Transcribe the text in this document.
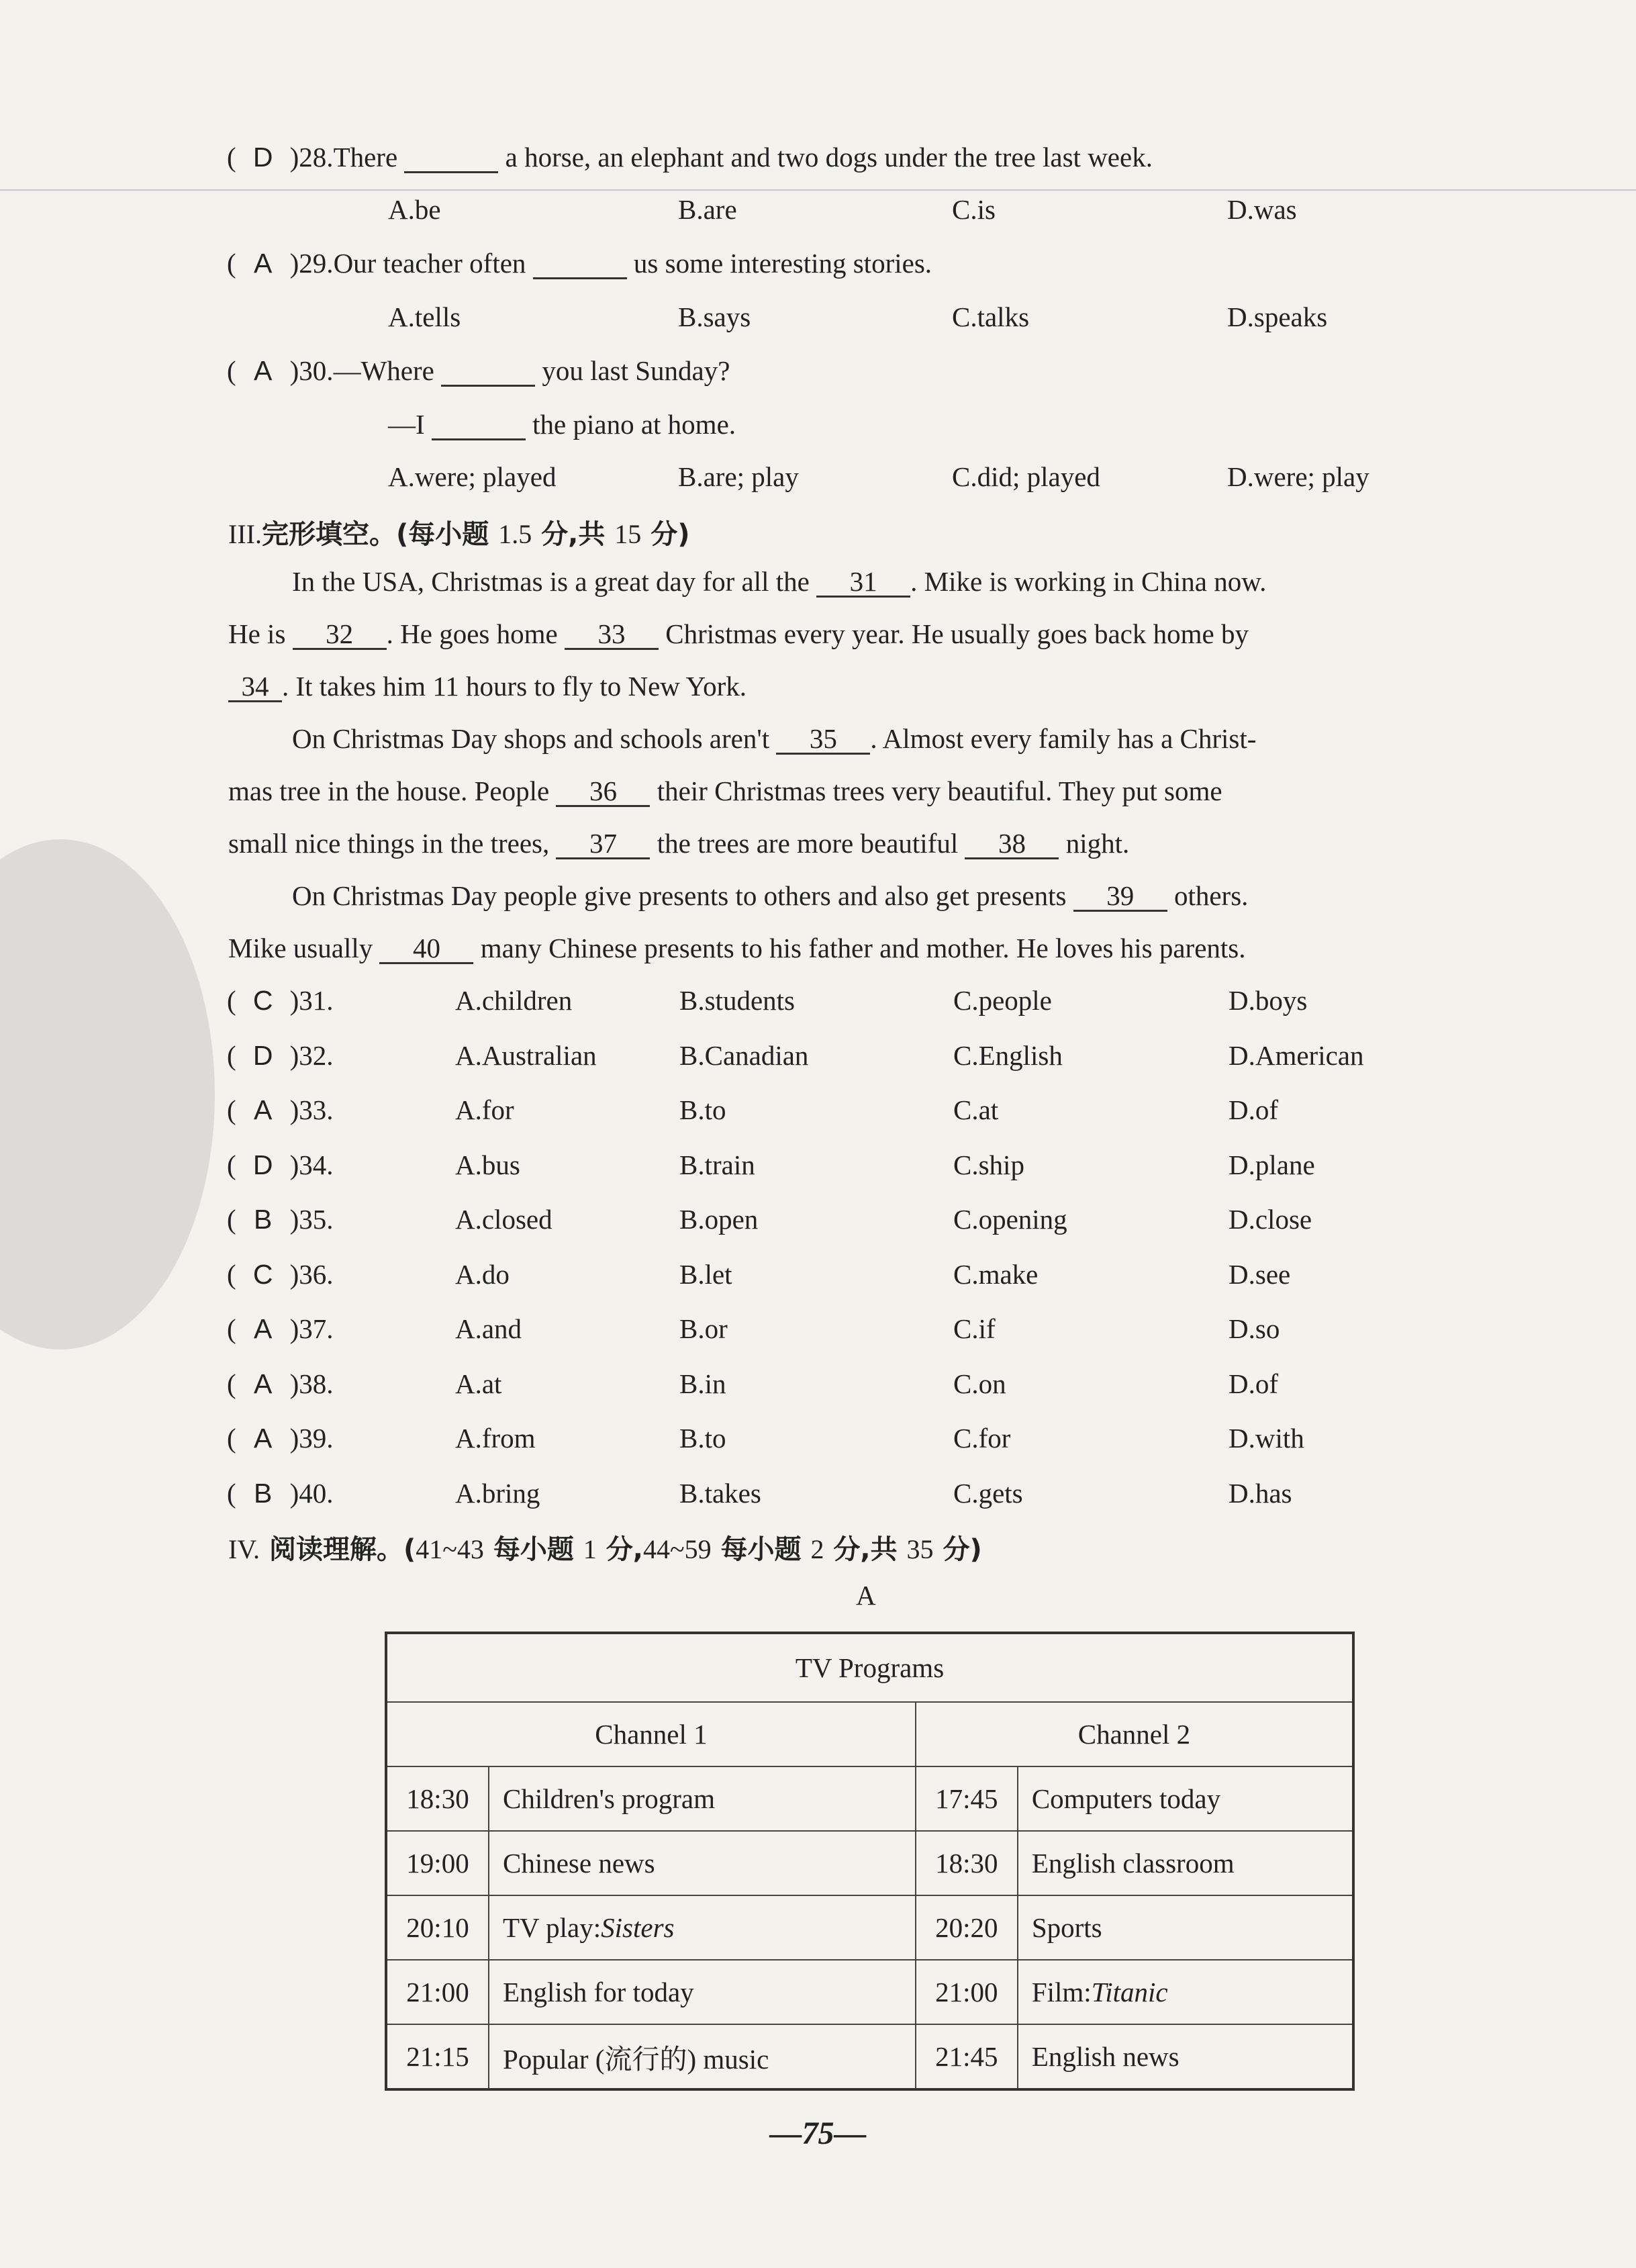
( D )28.There	a horse, an elephant and two dogs under the tree last week.
A.be	B.are	C.is	D.was
( A )29.Our teacher often	us some interesting stories.
A.tells	B.says	C.talks	D.speaks
( A )30.—Where	you last Sunday?
—I	the piano at home.
A.were; played	B.are; play	C.did; played	D.were; play
III.完形填空。(每小题 1.5 分,共 15 分)
In the USA, Christmas is a great day for all the 31 . Mike is working in China now.
He is 32 . He goes home 33 Christmas every year. He usually goes back home by
34 . It takes him 11 hours to fly to New York.
On Christmas Day shops and schools aren't 35 . Almost every family has a Christ-
mas tree in the house. People 36 their Christmas trees very beautiful. They put some
small nice things in the trees, 37 the trees are more beautiful 38 night.
On Christmas Day people give presents to others and also get presents 39 others.
Mike usually 40 many Chinese presents to his father and mother. He loves his parents.
( C )31.	A.children	B.students	C.people	D.boys
( D )32.	A.Australian	B.Canadian	C.English	D.American
( A )33.	A.for	B.to	C.at	D.of
( D )34.	A.bus	B.train	C.ship	D.plane
( B )35.	A.closed	B.open	C.opening	D.close
( C )36.	A.do	B.let	C.make	D.see
( A )37.	A.and	B.or	C.if	D.so
( A )38.	A.at	B.in	C.on	D.of
( A )39.	A.from	B.to	C.for	D.with
( B )40.	A.bring	B.takes	C.gets	D.has
IV. 阅读理解。(41~43 每小题 1 分,44~59 每小题 2 分,共 35 分)
A
TV Programs			
Channel 1		Channel 2	
18:30	Children's program	17:45	Computers today
19:00	Chinese news	18:30	English classroom
20:10	TV play:Sisters	20:20	Sports
21:00	English for today	21:00	Film:Titanic
21:15	Popular (流行的) music	21:45	English news
—75—
